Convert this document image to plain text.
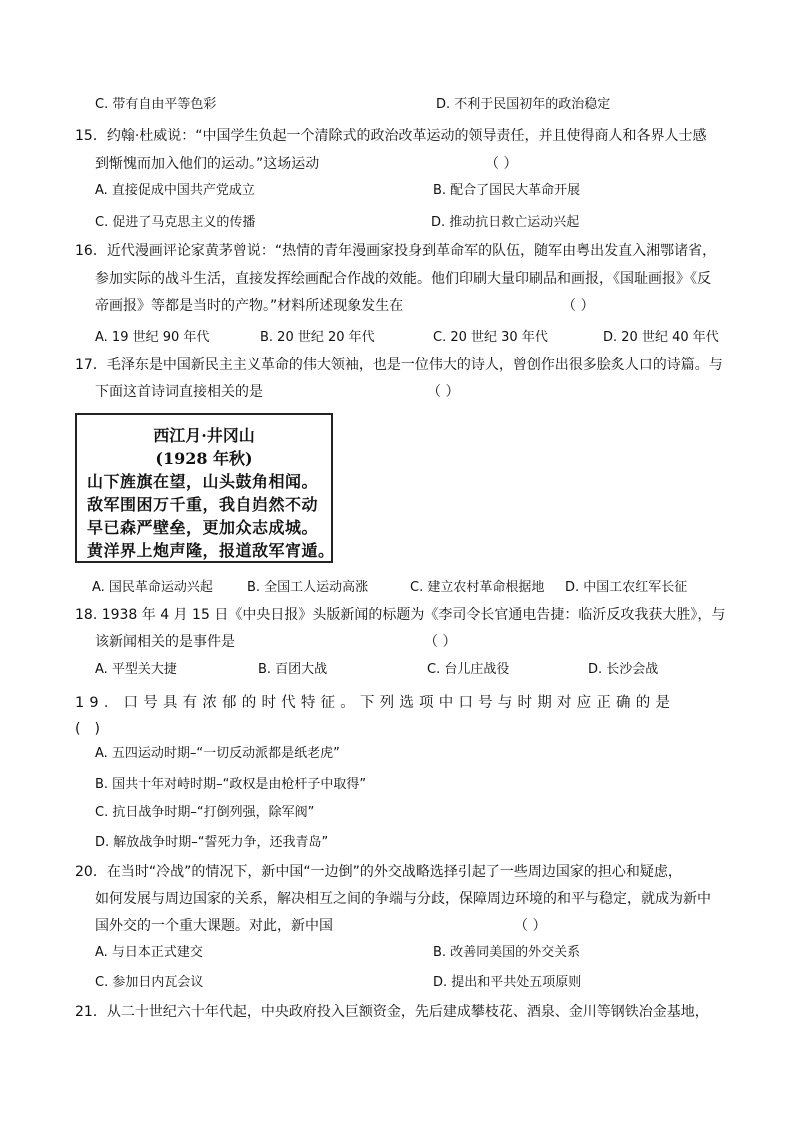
C. 带有自由平等色彩	D. 不利于民国初年的政治稳定
15．约翰·杜威说：“中国学生负起一个清除式的政治改革运动的领导责任，并且使得商人和各界人士感
到惭愧而加入他们的运动。”这场运动	（ ）
A. 直接促成中国共产党成立	B. 配合了国民大革命开展
C. 促进了马克思主义的传播	D. 推动抗日救亡运动兴起
16．近代漫画评论家黄茅曾说：“热情的青年漫画家投身到革命军的队伍，随军由粤出发直入湘鄂诸省，
参加实际的战斗生活，直接发挥绘画配合作战的效能。他们印刷大量印刷品和画报，《国耻画报》《反
帝画报》等都是当时的产物。”材料所述现象发生在	（ ）
A. 19 世纪 90 年代	B. 20 世纪 20 年代	C. 20 世纪 30 年代	D. 20 世纪 40 年代
17．毛泽东是中国新民主主义革命的伟大领袖，也是一位伟大的诗人，曾创作出很多脍炙人口的诗篇。与
下面这首诗词直接相关的是	（ ）
西江月·井冈山
(1928 年秋)
山下旌旗在望，山头鼓角相闻。
敌军围困万千重，我自岿然不动
早已森严壁垒，更加众志成城。
黄洋界上炮声隆，报道敌军宵遁。
A. 国民革命运动兴起	B. 全国工人运动高涨	C. 建立农村革命根据地 D. 中国工农红军长征
18. 1938 年 4 月 15 日《中央日报》头版新闻的标题为《李司令长官通电告捷：临沂反攻我获大胜》，与
该新闻相关的是事件是	（ ）
A. 平型关大捷	B. 百团大战	C. 台儿庄战役	D. 长沙会战
19．口号具有浓郁的时代特征。下列选项中口号与时期对应正确的是
(　)
A. 五四运动时期–“一切反动派都是纸老虎”
B. 国共十年对峙时期–“政权是由枪杆子中取得”
C. 抗日战争时期–“打倒列强，除军阀”
D. 解放战争时期–“誓死力争，还我青岛”
20．在当时“冷战”的情况下，新中国“一边倒”的外交战略选择引起了一些周边国家的担心和疑虑，
如何发展与周边国家的关系，解决相互之间的争端与分歧，保障周边环境的和平与稳定，就成为新中
国外交的一个重大课题。对此，新中国	（ ）
A. 与日本正式建交	B. 改善同美国的外交关系
C. 参加日内瓦会议	D. 提出和平共处五项原则
21．从二十世纪六十年代起，中央政府投入巨额资金，先后建成攀枝花、酒泉、金川等钢铁冶金基地，
